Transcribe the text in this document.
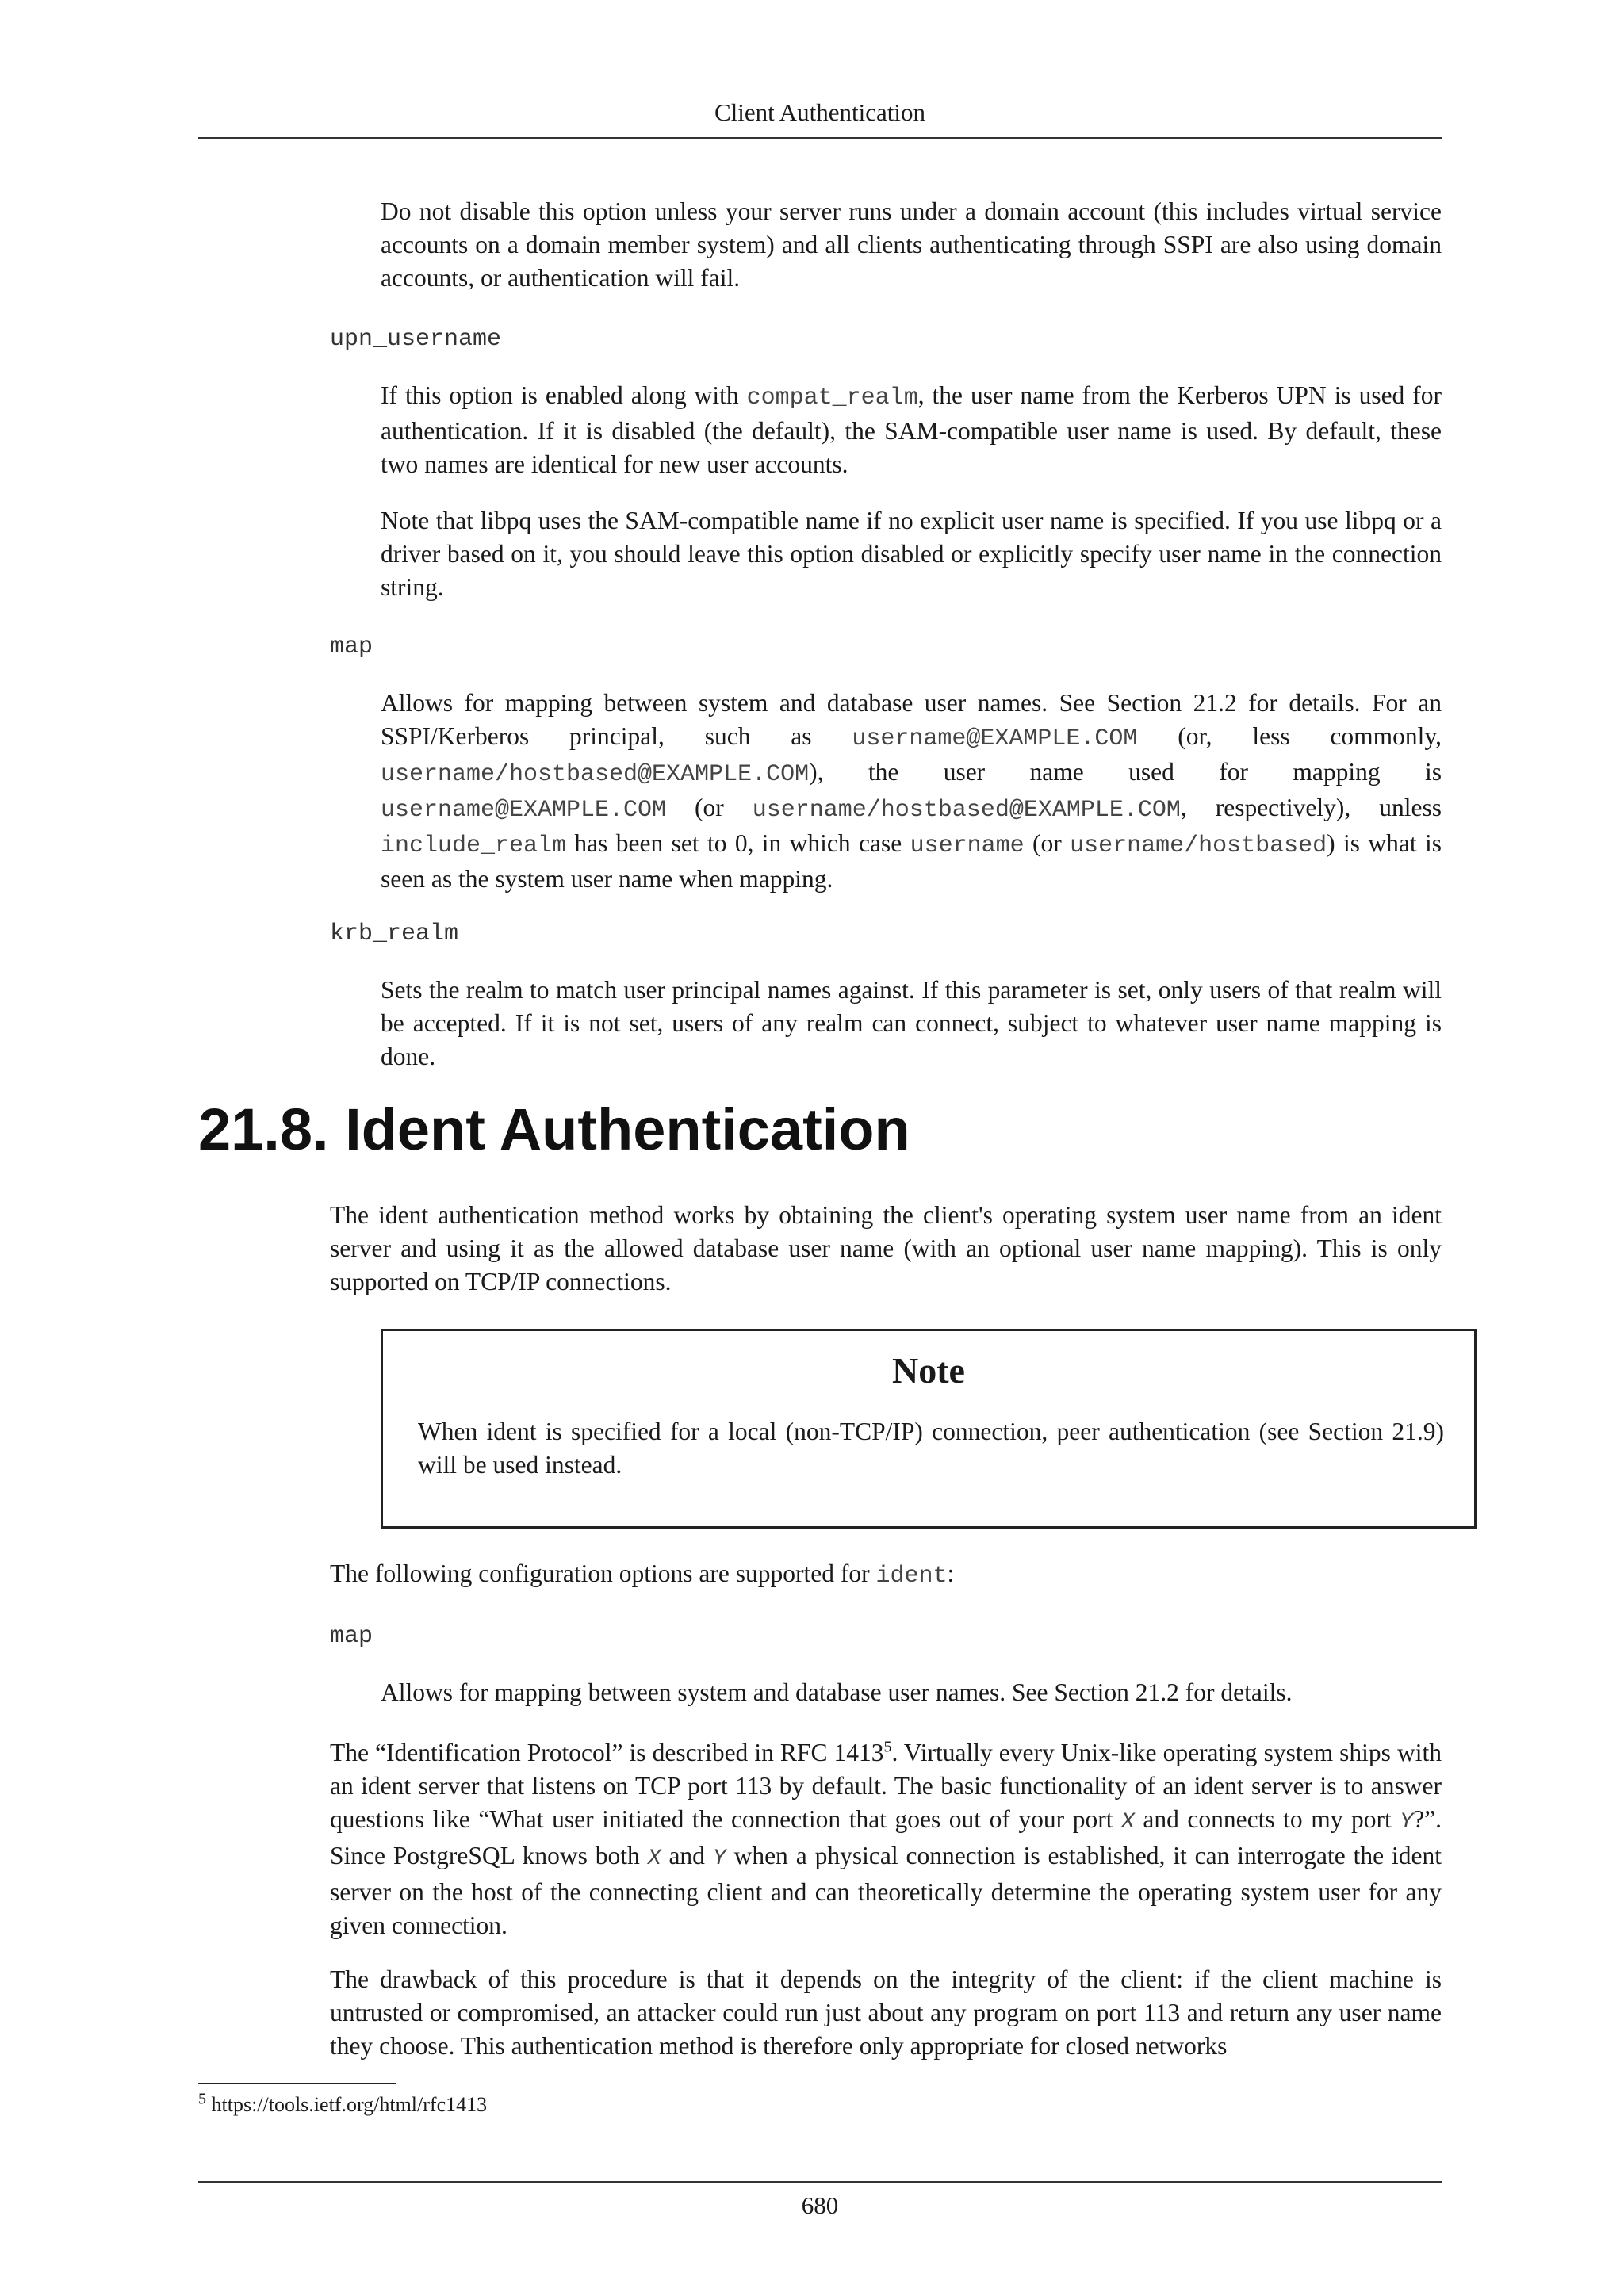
Client Authentication

Do not disable this option unless your server runs under a domain account (this includes virtual service accounts on a domain member system) and all clients authenticating through SSPI are also using domain accounts, or authentication will fail.

upn_username

If this option is enabled along with compat_realm, the user name from the Kerberos UPN is used for authentication. If it is disabled (the default), the SAM-compatible user name is used. By default, these two names are identical for new user accounts.

Note that libpq uses the SAM-compatible name if no explicit user name is specified. If you use libpq or a driver based on it, you should leave this option disabled or explicitly specify user name in the connection string.

map

Allows for mapping between system and database user names. See Section 21.2 for details. For an SSPI/Kerberos principal, such as username@EXAMPLE.COM (or, less commonly, username/hostbased@EXAMPLE.COM), the user name used for mapping is username@EXAMPLE.COM (or username/hostbased@EXAMPLE.COM, respectively), unless include_realm has been set to 0, in which case username (or username/hostbased) is what is seen as the system user name when mapping.

krb_realm

Sets the realm to match user principal names against. If this parameter is set, only users of that realm will be accepted. If it is not set, users of any realm can connect, subject to whatever user name mapping is done.

21.8. Ident Authentication

The ident authentication method works by obtaining the client's operating system user name from an ident server and using it as the allowed database user name (with an optional user name mapping). This is only supported on TCP/IP connections.

Note

When ident is specified for a local (non-TCP/IP) connection, peer authentication (see Section 21.9) will be used instead.

The following configuration options are supported for ident:

map

Allows for mapping between system and database user names. See Section 21.2 for details.

The “Identification Protocol” is described in RFC 1413$^5$. Virtually every Unix-like operating system ships with an ident server that listens on TCP port 113 by default. The basic functionality of an ident server is to answer questions like “What user initiated the connection that goes out of your port X and connects to my port Y?”. Since PostgreSQL knows both X and Y when a physical connection is established, it can interrogate the ident server on the host of the connecting client and can theoretically determine the operating system user for any given connection.

The drawback of this procedure is that it depends on the integrity of the client: if the client machine is untrusted or compromised, an attacker could run just about any program on port 113 and return any user name they choose. This authentication method is therefore only appropriate for closed networks

$^5$ https://tools.ietf.org/html/rfc1413
680
